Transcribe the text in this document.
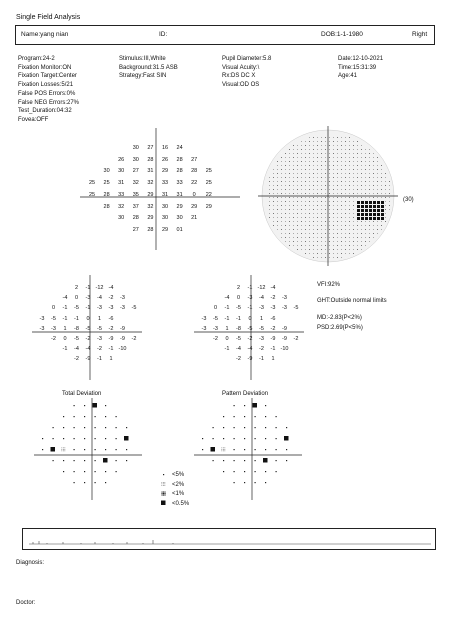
Single Field Analysis
Name:yang nian	ID:	DOB:1-1-1980	Right
Program:24-2
Fixation Monitor:ON
Fixation Target:Center
Fixation Losses:5/21
False POS Errors:0%
False NEG Errors:27%
Test_Duration:04:32
Fovea:OFF
Stimulus:III,White
Background:31.5 ASB
Strategy:Fast SIN
Pupil Diameter:5.8
Visual Acuity:\
Rx:DS DC X
Visual:OD OS
Date:12-10-2021
Time:15:31:39
Age:41
30 27 16 24
26 30 28 26 28 27
30 30 27 31 29 28 28 25
25 25 31 32 32 33 33 22 25
25 28 33 35 29 31 31 0 22
28 32 37 32 30 29 29 29
30 28 29 30 30 21
27 28 29 01
(30)
2 -1 -12 -4
-4 0 -3 -4 -2 -3
0 -1 -5 -1 -3 -3 -3 -5
-3 -5 -1 -1 0 1 -6
-3 -3 1 -8 -5 -5 -2 -9
-2 0 -5 -2 -3 -9 -9 -2
-1 -4 -4 -2 -1 -10
-2 -9 -1 1
2 -1 -12 -4
-4 0 -3 -4 -2 -3
0 -1 -5 -1 -3 -3 -3 -5
-3 -5 -1 -1 0 1 -6
-3 -3 1 -8 -5 -5 -2 -9
-2 0 -5 -2 -3 -9 -9 -2
-1 -4 -4 -2 -1 -10
-2 -9 -1 1
VFI:92%
GHT:Outside normal limits
MD:-2.83(P<2%)
PSD:2.69(P<5%)
Total Deviation	Pattern Deviation
<5%
<2%
<1%
<0.5%
Diagnosis:
Doctor:
